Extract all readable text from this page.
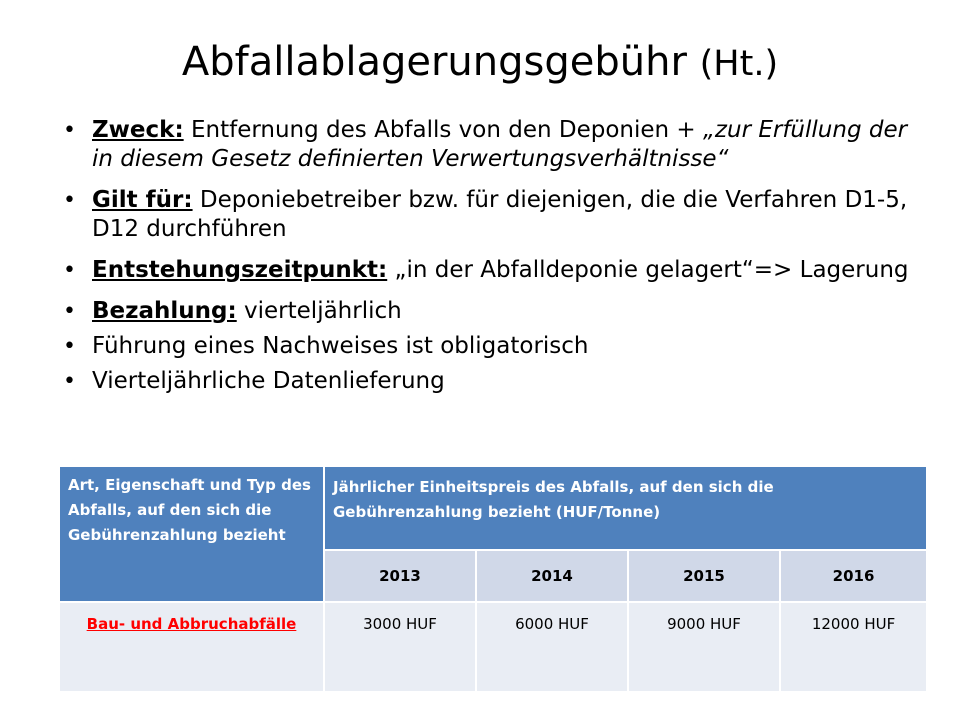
Abfallablagerungsgebühr (Ht.)
• Zweck: Entfernung des Abfalls von den Deponien + „zur Erfüllung der in diesem Gesetz definierten Verwertungsverhältnisse“
• Gilt für: Deponiebetreiber bzw. für diejenigen, die die Verfahren D1-5, D12 durchführen
• Entstehungszeitpunkt: „in der Abfalldeponie gelagert“=> Lagerung
• Bezahlung: vierteljährlich
• Führung eines Nachweises ist obligatorisch
• Vierteljährliche Datenlieferung
Art, Eigenschaft und Typ des Abfalls, auf den sich die Gebührenzahlung bezieht	Jährlicher Einheitspreis des Abfalls, auf den sich die Gebührenzahlung bezieht (HUF/Tonne)			
	2013	2014	2015	2016
Bau- und Abbruchabfälle	3000 HUF	6000 HUF	9000 HUF	12000 HUF
